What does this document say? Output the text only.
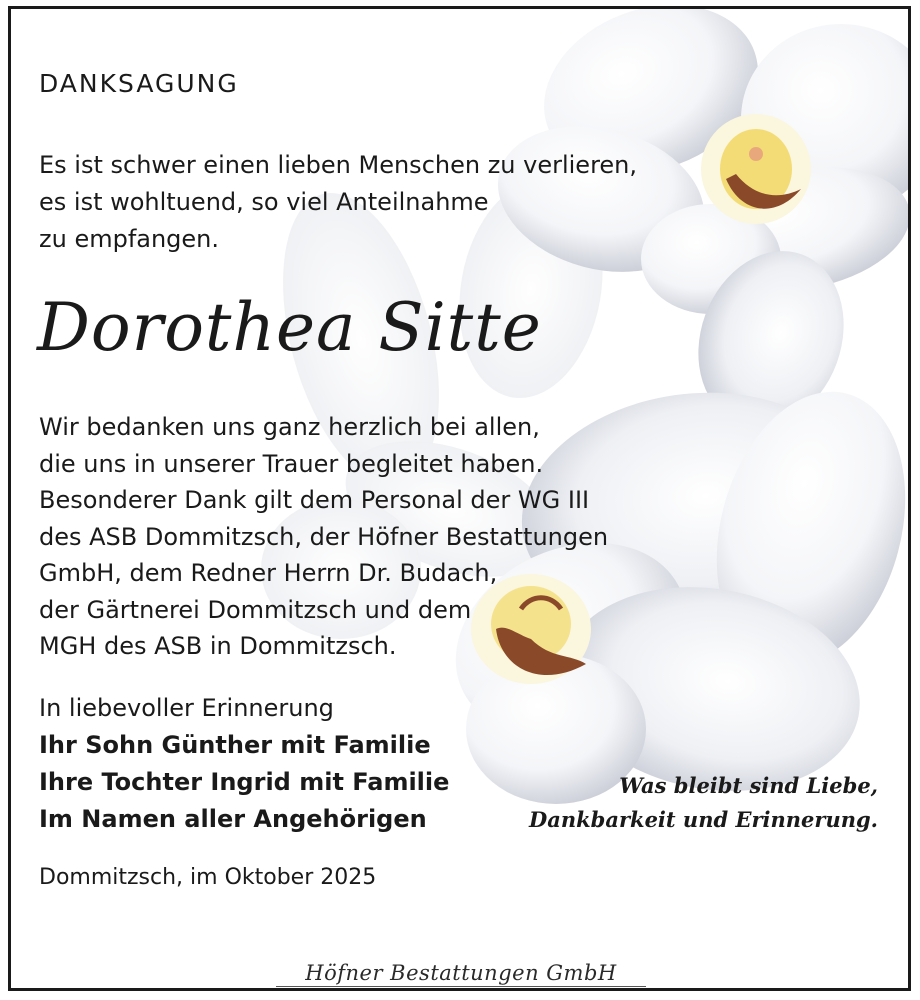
DANKSAGUNG
Es ist schwer einen lieben Menschen zu verlieren,
es ist wohltuend, so viel Anteilnahme
zu empfangen.
Dorothea Sitte
Wir bedanken uns ganz herzlich bei allen,
die uns in unserer Trauer begleitet haben.
Besonderer Dank gilt dem Personal der WG III
des ASB Dommitzsch, der Höfner Bestattungen
GmbH, dem Redner Herrn Dr. Budach,
der Gärtnerei Dommitzsch und dem
MGH des ASB in Dommitzsch.
In liebevoller Erinnerung
Ihr Sohn Günther mit Familie
Ihre Tochter Ingrid mit Familie
Im Namen aller Angehörigen
Was bleibt sind Liebe,
Dankbarkeit und Erinnerung.
Dommitzsch, im Oktober 2025
Höfner Bestattungen GmbH
